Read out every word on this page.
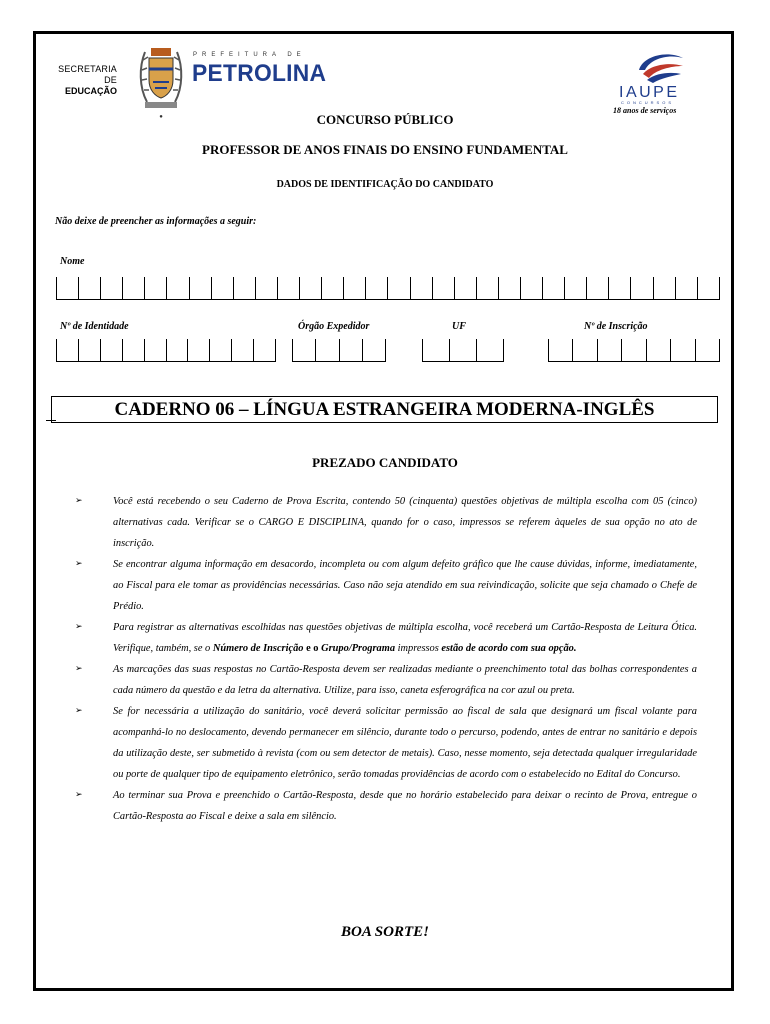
SECRETARIA DE
EDUCAÇÃO
●
PREFEITURA DE
PETROLINA
IAUPE
CONCURSOS
18 anos de serviços
CONCURSO PÚBLICO
PROFESSOR DE ANOS FINAIS DO ENSINO FUNDAMENTAL
DADOS DE IDENTIFICAÇÃO DO CANDIDATO
Não deixe de preencher as informações a seguir:
Nome
Nº de Identidade	Órgão Expedidor	UF	Nº de Inscrição
CADERNO 06 – LÍNGUA ESTRANGEIRA MODERNA-INGLÊS
PREZADO CANDIDATO
➢	Você está recebendo o seu Caderno de Prova Escrita, contendo 50 (cinquenta) questões objetivas de múltipla escolha com 05 (cinco) alternativas cada. Verificar se o CARGO E DISCIPLINA, quando for o caso, impressos se referem àqueles de sua opção no ato de inscrição.
➢	Se encontrar alguma informação em desacordo, incompleta ou com algum defeito gráfico que lhe cause dúvidas, informe, imediatamente, ao Fiscal para ele tomar as providências necessárias. Caso não seja atendido em sua reivindicação, solicite que seja chamado o Chefe de Prédio.
➢	Para registrar as alternativas escolhidas nas questões objetivas de múltipla escolha, você receberá um Cartão-Resposta de Leitura Ótica. Verifique, também, se o Número de Inscrição e o Grupo/Programa impressos estão de acordo com sua opção.
➢	As marcações das suas respostas no Cartão-Resposta devem ser realizadas mediante o preenchimento total das bolhas correspondentes a cada número da questão e da letra da alternativa. Utilize, para isso, caneta esferográfica na cor azul ou preta.
➢	Se for necessária a utilização do sanitário, você deverá solicitar permissão ao fiscal de sala que designará um fiscal volante para acompanhá-lo no deslocamento, devendo permanecer em silêncio, durante todo o percurso, podendo, antes de entrar no sanitário e depois da utilização deste, ser submetido à revista (com ou sem detector de metais). Caso, nesse momento, seja detectada qualquer irregularidade ou porte de qualquer tipo de equipamento eletrônico, serão tomadas providências de acordo com o estabelecido no Edital do Concurso.
➢	Ao terminar sua Prova e preenchido o Cartão-Resposta, desde que no horário estabelecido para deixar o recinto de Prova, entregue o Cartão-Resposta ao Fiscal e deixe a sala em silêncio.
BOA SORTE!
